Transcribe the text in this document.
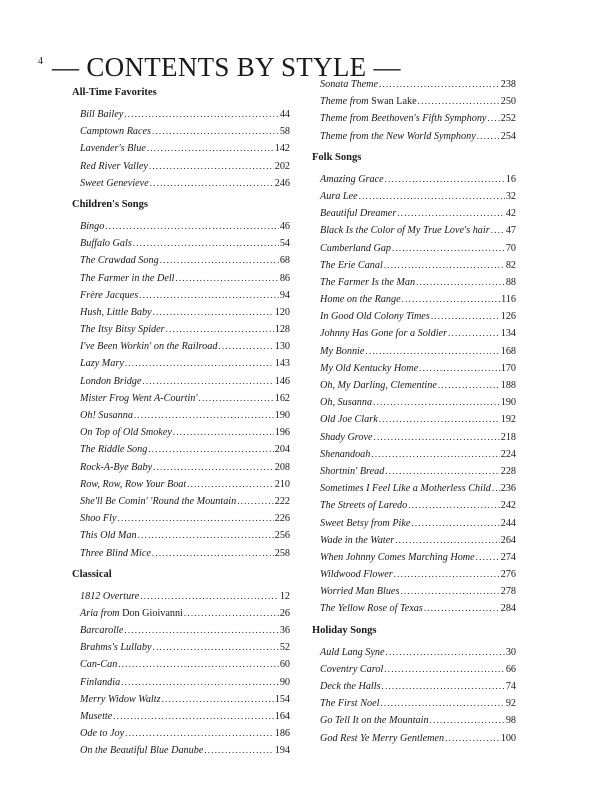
4 — CONTENTS BY STYLE —
All-Time Favorites
Bill Bailey .....	44
Camptown Races .....	58
Lavender's Blue .....	142
Red River Valley .....	202
Sweet Genevieve .....	246
Children's Songs
Bingo .....	46
Buffalo Gals .....	54
The Crawdad Song .....	68
The Farmer in the Dell .....	86
Frère Jacques .....	94
Hush, Little Baby .....	120
The Itsy Bitsy Spider .....	128
I've Been Workin' on the Railroad .....	130
Lazy Mary .....	143
London Bridge .....	146
Mister Frog Went A-Courtin' .....	162
Oh! Susanna .....	190
On Top of Old Smokey .....	196
The Riddle Song .....	204
Rock-A-Bye Baby .....	208
Row, Row, Row Your Boat .....	210
She'll Be Comin' 'Round the Mountain .....	222
Shoo Fly .....	226
This Old Man .....	256
Three Blind Mice .....	258
Classical
1812 Overture .....	12
Aria from Don Gioivanni .....	26
Barcarolle .....	36
Brahms's Lullaby .....	52
Can-Can .....	60
Finlandia .....	90
Merry Widow Waltz .....	154
Musette .....	164
Ode to Joy .....	186
On the Beautiful Blue Danube .....	194
Sonata Theme .....	238
Theme from Swan Lake .....	250
Theme from Beethoven's Fifth Symphony ..... 252
Theme from the New World Symphony ..... 254
Folk Songs
Amazing Grace .....	16
Aura Lee .....	32
Beautiful Dreamer .....	42
Black Is the Color of My True Love's hair ..... 47
Cumberland Gap .....	70
The Erie Canal .....	82
The Farmer Is the Man .....	88
Home on the Range .....	116
In Good Old Colony Times .....	126
Johnny Has Gone for a Soldier .....	134
My Bonnie .....	168
My Old Kentucky Home .....	170
Oh, My Darling, Clementine .....	188
Oh, Susanna .....	190
Old Joe Clark .....	192
Shady Grove .....	218
Shenandoah .....	224
Shortnin' Bread .....	228
Sometimes I Feel Like a Motherless Child ..... 236
The Streets of Laredo .....	242
Sweet Betsy from Pike .....	244
Wade in the Water .....	264
When Johnny Comes Marching Home .....	274
Wildwood Flower .....	276
Worried Man Blues .....	278
The Yellow Rose of Texas .....	284
Holiday Songs
Auld Lang Syne .....	30
Coventry Carol .....	66
Deck the Halls .....	74
The First Noel .....	92
Go Tell It on the Mountain .....	98
God Rest Ye Merry Gentlemen .....	100
